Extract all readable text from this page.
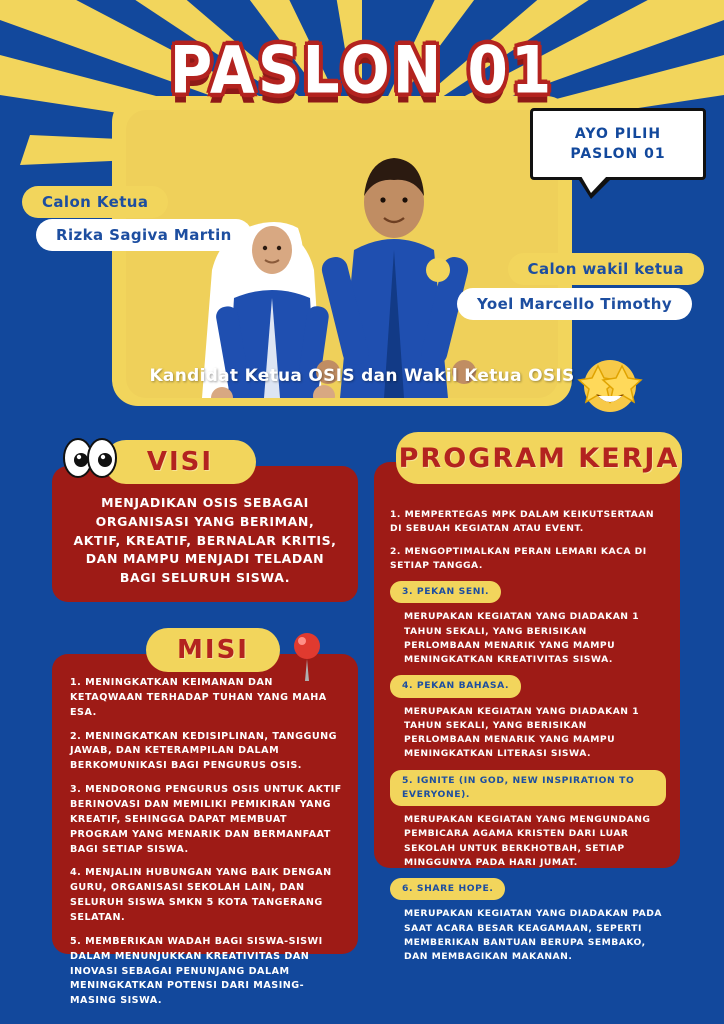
PASLON 01
AYO PILIH
PASLON 01
Calon Ketua
Rizka Sagiva Martin
Calon wakil ketua
Yoel Marcello Timothy
Kandidat Ketua OSIS dan Wakil Ketua OSIS
VISI
MENJADIKAN OSIS SEBAGAI ORGANISASI YANG BERIMAN, AKTIF, KREATIF, BERNALAR KRITIS, DAN MAMPU MENJADI TELADAN BAGI SELURUH SISWA.
MISI
1. MENINGKATKAN KEIMANAN DAN KETAQWAAN TERHADAP TUHAN YANG MAHA ESA.
2. MENINGKATKAN KEDISIPLINAN, TANGGUNG JAWAB, DAN KETERAMPILAN DALAM BERKOMUNIKASI BAGI PENGURUS OSIS.
3. MENDORONG PENGURUS OSIS UNTUK AKTIF BERINOVASI DAN MEMILIKI PEMIKIRAN YANG KREATIF, SEHINGGA DAPAT MEMBUAT PROGRAM YANG MENARIK DAN BERMANFAAT BAGI SETIAP SISWA.
4. MENJALIN HUBUNGAN YANG BAIK DENGAN GURU, ORGANISASI SEKOLAH LAIN, DAN SELURUH SISWA SMKN 5 KOTA TANGERANG SELATAN.
5. MEMBERIKAN WADAH BAGI SISWA-SISWI DALAM MENUNJUKKAN KREATIVITAS DAN INOVASI SEBAGAI PENUNJANG DALAM MENINGKATKAN POTENSI DARI MASING-MASING SISWA.
PROGRAM KERJA
1. MEMPERTEGAS MPK DALAM KEIKUTSERTAAN DI SEBUAH KEGIATAN ATAU EVENT.
2. MENGOPTIMALKAN PERAN LEMARI KACA DI SETIAP TANGGA.
3. PEKAN SENI.
MERUPAKAN KEGIATAN YANG DIADAKAN 1 TAHUN SEKALI, YANG BERISIKAN PERLOMBAAN MENARIK YANG MAMPU MENINGKATKAN KREATIVITAS SISWA.
4. PEKAN BAHASA.
MERUPAKAN KEGIATAN YANG DIADAKAN 1 TAHUN SEKALI, YANG BERISIKAN PERLOMBAAN MENARIK YANG MAMPU MENINGKATKAN LITERASI SISWA.
5. IGNITE (IN GOD, NEW INSPIRATION TO EVERYONE).
MERUPAKAN KEGIATAN YANG MENGUNDANG PEMBICARA AGAMA KRISTEN DARI LUAR SEKOLAH UNTUK BERKHOTBAH, SETIAP MINGGUNYA PADA HARI JUMAT.
6. SHARE HOPE.
MERUPAKAN KEGIATAN YANG DIADAKAN PADA SAAT ACARA BESAR KEAGAMAAN, SEPERTI MEMBERIKAN BANTUAN BERUPA SEMBAKO, DAN MEMBAGIKAN MAKANAN.
